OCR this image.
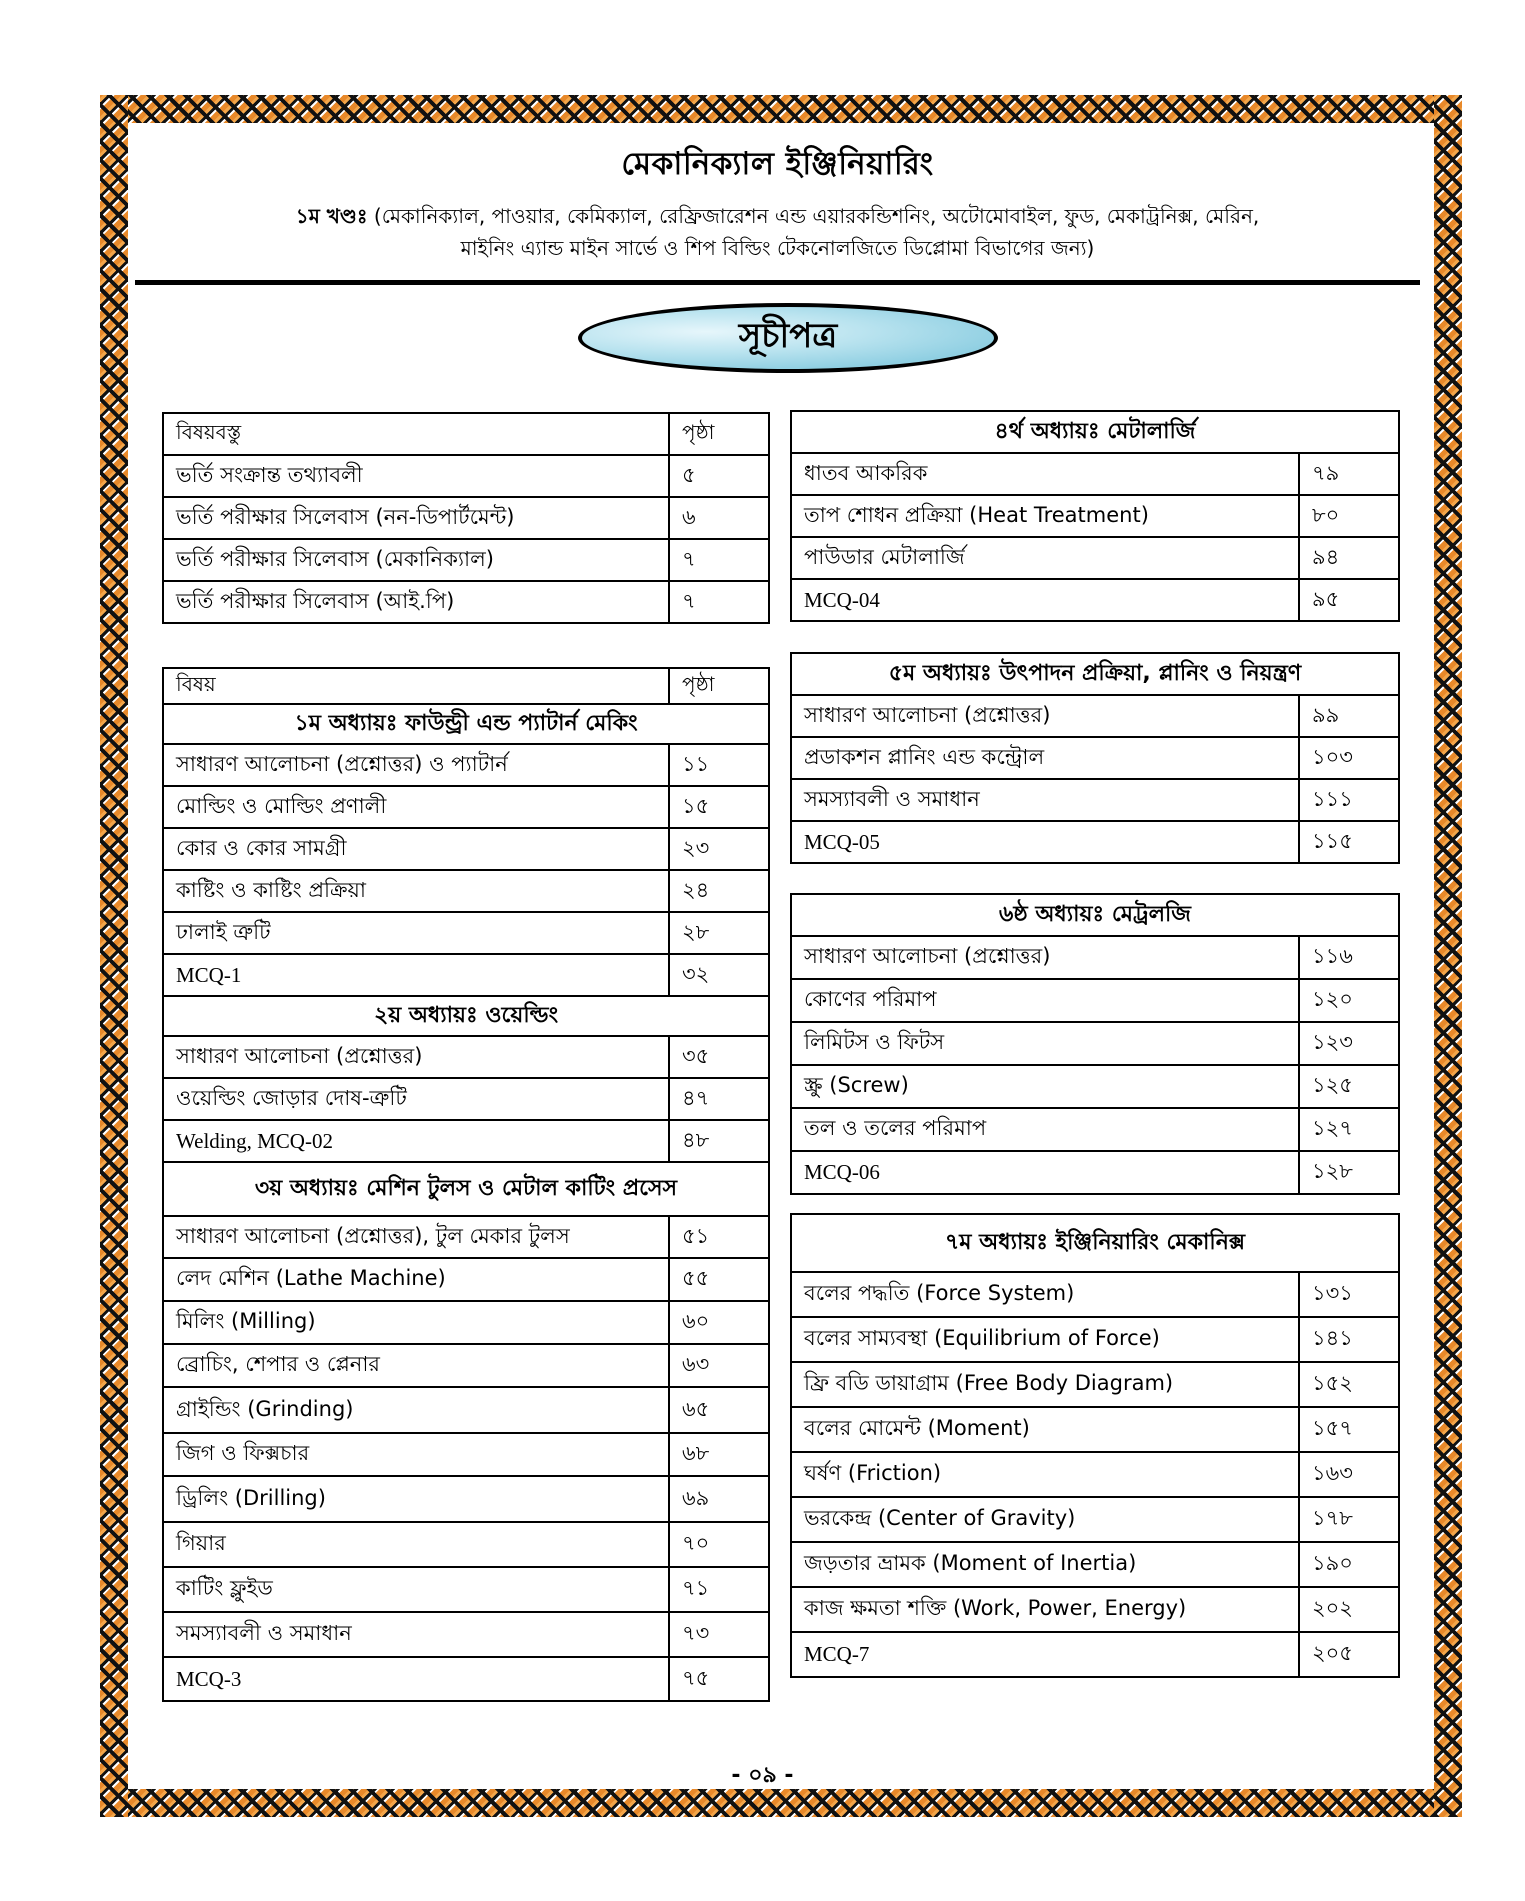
মেকানিক্যাল ইঞ্জিনিয়ারিং
১ম খণ্ডঃ (মেকানিক্যাল, পাওয়ার, কেমিক্যাল, রেফ্রিজারেশন এন্ড এয়ারকন্ডিশনিং, অটোমোবাইল, ফুড, মেকাট্রনিক্স, মেরিন,
মাইনিং এ্যান্ড মাইন সার্ভে ও শিপ বিল্ডিং টেকনোলজিতে ডিপ্লোমা বিভাগের জন্য)
সূচীপত্র
বিষয়বস্তু	পৃষ্ঠা
ভর্তি সংক্রান্ত তথ্যাবলী	৫
ভর্তি পরীক্ষার সিলেবাস (নন-ডিপার্টমেন্ট)	৬
ভর্তি পরীক্ষার সিলেবাস (মেকানিক্যাল)	৭
ভর্তি পরীক্ষার সিলেবাস (আই.পি)	৭
বিষয়	পৃষ্ঠা
১ম অধ্যায়ঃ ফাউন্ড্রী এন্ড প্যাটার্ন মেকিং	
সাধারণ আলোচনা (প্রশ্নোত্তর) ও প্যাটার্ন	১১
মোল্ডিং ও মোল্ডিং প্রণালী	১৫
কোর ও কোর সামগ্রী	২৩
কাষ্টিং ও কাষ্টিং প্রক্রিয়া	২৪
ঢালাই ত্রুটি	২৮
MCQ-1	৩২
২য় অধ্যায়ঃ ওয়েল্ডিং	
সাধারণ আলোচনা (প্রশ্নোত্তর)	৩৫
ওয়েল্ডিং জোড়ার দোষ-ত্রুটি	৪৭
Welding, MCQ-02	৪৮
৩য় অধ্যায়ঃ মেশিন টুলস ও মেটাল কাটিং প্রসেস	
সাধারণ আলোচনা (প্রশ্নোত্তর), টুল মেকার টুলস	৫১
লেদ মেশিন (Lathe Machine)	৫৫
মিলিং (Milling)	৬০
ব্রোচিং, শেপার ও প্লেনার	৬৩
গ্রাইন্ডিং (Grinding)	৬৫
জিগ ও ফিক্সচার	৬৮
ড্রিলিং (Drilling)	৬৯
গিয়ার	৭০
কাটিং ফ্লুইড	৭১
সমস্যাবলী ও সমাধান	৭৩
MCQ-3	৭৫
৪র্থ অধ্যায়ঃ মেটালার্জি	
ধাতব আকরিক	৭৯
তাপ শোধন প্রক্রিয়া (Heat Treatment)	৮০
পাউডার মেটালার্জি	৯৪
MCQ-04	৯৫
৫ম অধ্যায়ঃ উৎপাদন প্রক্রিয়া, প্লানিং ও নিয়ন্ত্রণ	
সাধারণ আলোচনা (প্রশ্নোত্তর)	৯৯
প্রডাকশন প্লানিং এন্ড কন্ট্রোল	১০৩
সমস্যাবলী ও সমাধান	১১১
MCQ-05	১১৫
৬ষ্ঠ অধ্যায়ঃ মেট্রলজি	
সাধারণ আলোচনা (প্রশ্নোত্তর)	১১৬
কোণের পরিমাপ	১২০
লিমিটস ও ফিটস	১২৩
স্ক্রু (Screw)	১২৫
তল ও তলের পরিমাপ	১২৭
MCQ-06	১২৮
৭ম অধ্যায়ঃ ইঞ্জিনিয়ারিং মেকানিক্স	
বলের পদ্ধতি (Force System)	১৩১
বলের সাম্যবস্থা (Equilibrium of Force)	১৪১
ফ্রি বডি ডায়াগ্রাম (Free Body Diagram)	১৫২
বলের মোমেন্ট (Moment)	১৫৭
ঘর্ষণ (Friction)	১৬৩
ভরকেন্দ্র (Center of Gravity)	১৭৮
জড়তার ভ্রামক (Moment of Inertia)	১৯০
কাজ ক্ষমতা শক্তি (Work, Power, Energy)	২০২
MCQ-7	২০৫
- ০৯ -
